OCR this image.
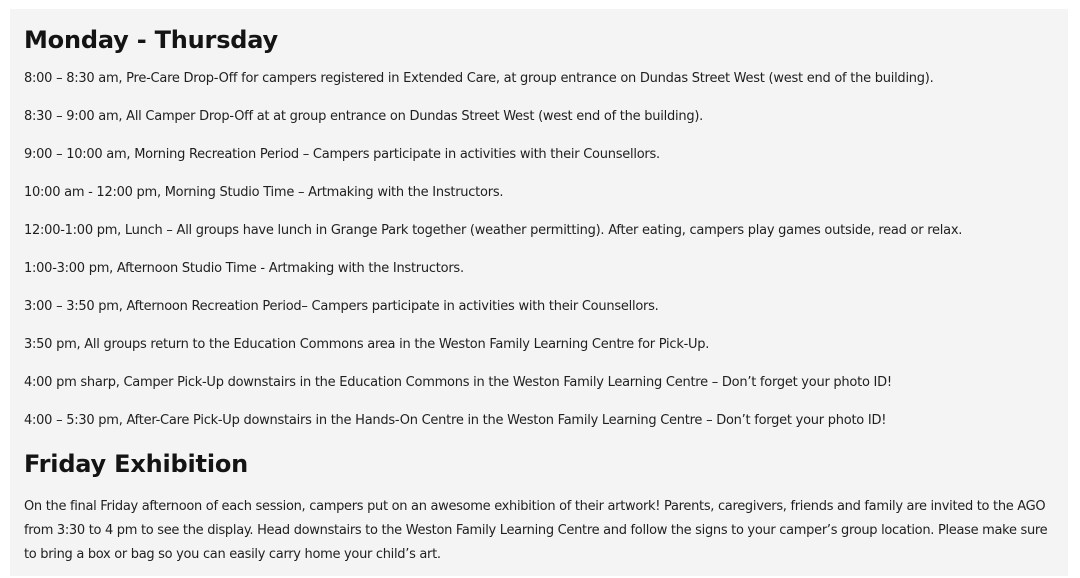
Monday - Thursday
8:00 – 8:30 am, Pre-Care Drop-Off for campers registered in Extended Care, at group entrance on Dundas Street West (west end of the building).
8:30 – 9:00 am, All Camper Drop-Off at at group entrance on Dundas Street West (west end of the building).
9:00 – 10:00 am, Morning Recreation Period – Campers participate in activities with their Counsellors.
10:00 am - 12:00 pm, Morning Studio Time – Artmaking with the Instructors.
12:00-1:00 pm, Lunch – All groups have lunch in Grange Park together (weather permitting). After eating, campers play games outside, read or relax.
1:00-3:00 pm, Afternoon Studio Time - Artmaking with the Instructors.
3:00 – 3:50 pm, Afternoon Recreation Period– Campers participate in activities with their Counsellors.
3:50 pm, All groups return to the Education Commons area in the Weston Family Learning Centre for Pick-Up.
4:00 pm sharp, Camper Pick-Up downstairs in the Education Commons in the Weston Family Learning Centre – Don’t forget your photo ID!
4:00 – 5:30 pm, After-Care Pick-Up downstairs in the Hands-On Centre in the Weston Family Learning Centre – Don’t forget your photo ID!
Friday Exhibition

On the final Friday afternoon of each session, campers put on an awesome exhibition of their artwork! Parents, caregivers, friends and family are invited to the AGO from 3:30 to 4 pm to see the display. Head downstairs to the Weston Family Learning Centre and follow the signs to your camper’s group location. Please make sure to bring a box or bag so you can easily carry home your child’s art.
